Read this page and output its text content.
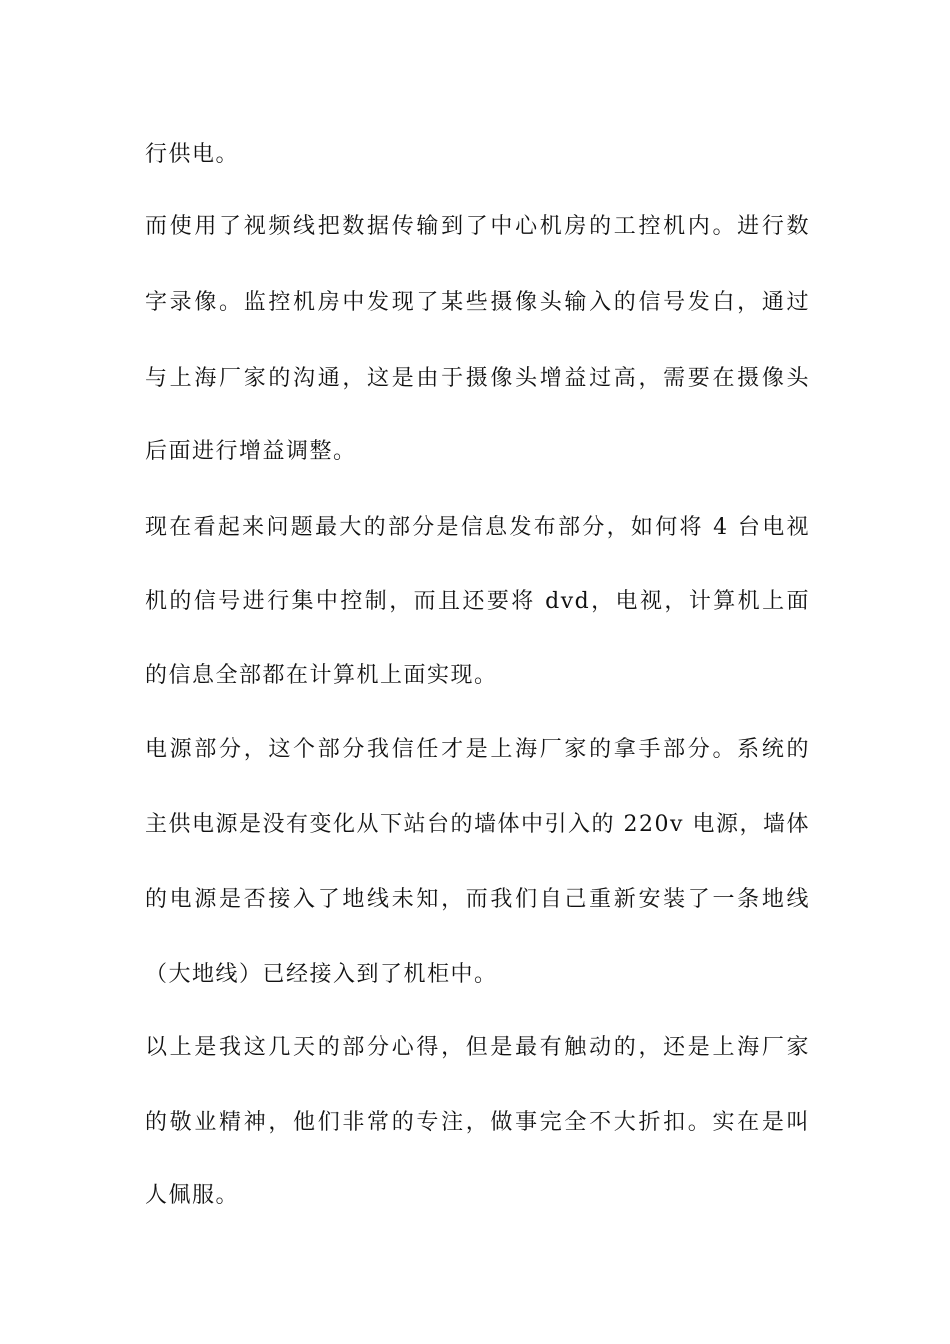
行供电。
而使用了视频线把数据传输到了中心机房的工控机内。进行数
字录像。监控机房中发现了某些摄像头输入的信号发白，通过
与上海厂家的沟通，这是由于摄像头增益过高，需要在摄像头
后面进行增益调整。
现在看起来问题最大的部分是信息发布部分，如何将 4 台电视
机的信号进行集中控制，而且还要将 dvd，电视，计算机上面
的信息全部都在计算机上面实现。
电源部分，这个部分我信任才是上海厂家的拿手部分。系统的
主供电源是没有变化从下站台的墙体中引入的 220v 电源，墙体
的电源是否接入了地线未知，而我们自己重新安装了一条地线
（大地线）已经接入到了机柜中。
以上是我这几天的部分心得，但是最有触动的，还是上海厂家
的敬业精神，他们非常的专注，做事完全不大折扣。实在是叫
人佩服。
